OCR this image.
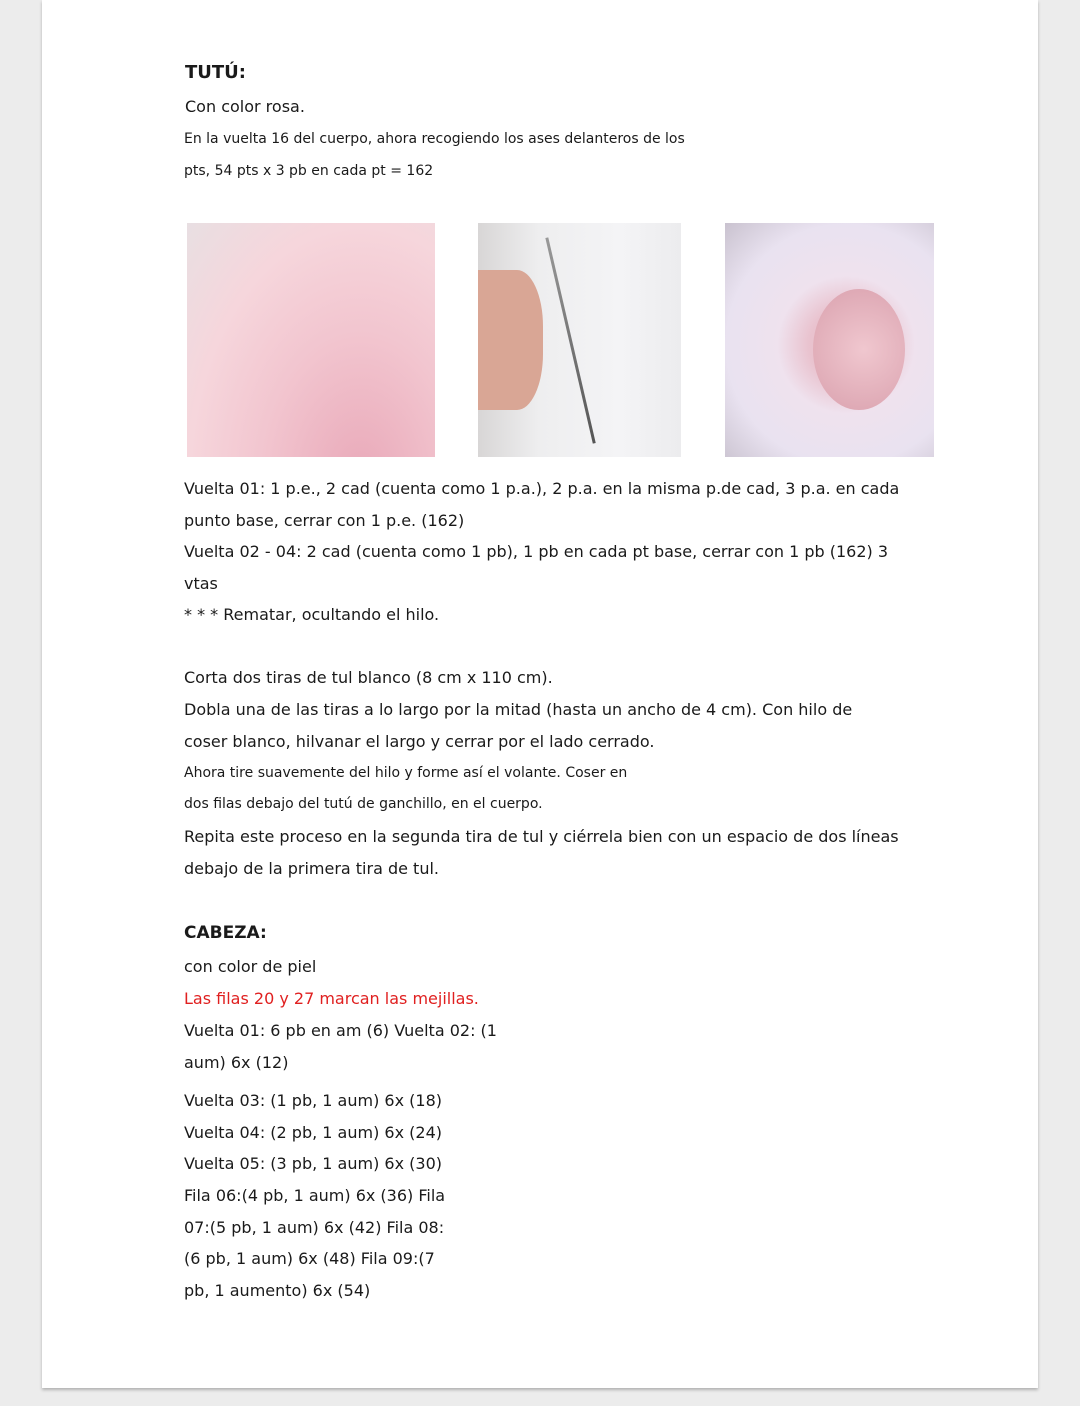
TUTÚ:
Con color rosa.
En la vuelta 16 del cuerpo, ahora recogiendo los ases delanteros de los
pts, 54 pts x 3 pb en cada pt = 162
Vuelta 01: 1 p.e., 2 cad (cuenta como 1 p.a.), 2 p.a. en la misma p.de cad, 3 p.a. en cada
punto base, cerrar con 1 p.e. (162)
Vuelta 02 - 04: 2 cad (cuenta como 1 pb), 1 pb en cada pt base, cerrar con 1 pb (162) 3
vtas
* * * Rematar, ocultando el hilo.
Corta dos tiras de tul blanco (8 cm x 110 cm).
Dobla una de las tiras a lo largo por la mitad (hasta un ancho de 4 cm). Con hilo de
coser blanco, hilvanar el largo y cerrar por el lado cerrado.
Ahora tire suavemente del hilo y forme así el volante. Coser en
dos filas debajo del tutú de ganchillo, en el cuerpo.
Repita este proceso en la segunda tira de tul y ciérrela bien con un espacio de dos líneas
debajo de la primera tira de tul.
CABEZA:
con color de piel
Las filas 20 y 27 marcan las mejillas.
Vuelta 01: 6 pb en am (6) Vuelta 02: (1
aum) 6x (12)
Vuelta 03: (1 pb, 1 aum) 6x (18)
Vuelta 04: (2 pb, 1 aum) 6x (24)
Vuelta 05: (3 pb, 1 aum) 6x (30)
Fila 06:(4 pb, 1 aum) 6x (36) Fila
07:(5 pb, 1 aum) 6x (42) Fila 08:
(6 pb, 1 aum) 6x (48) Fila 09:(7
pb, 1 aumento) 6x (54)
